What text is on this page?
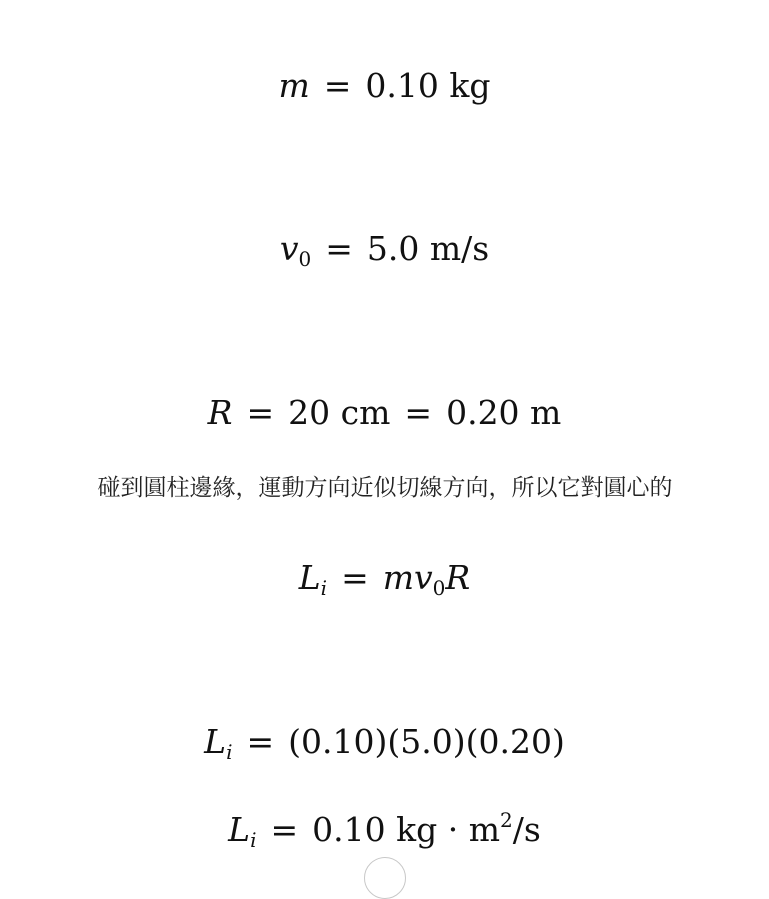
m = 0.10 kg
$v_0 = 5.0$ m/s
R = 20 cm = 0.20 m
碰到圓柱邊緣，運動方向近似切線方向，所以它對圓心的
$L_i = mv_0R$
$L_i = (0.10)(5.0)(0.20)$
$L_i = 0.10$ kg · $m^2/s$
